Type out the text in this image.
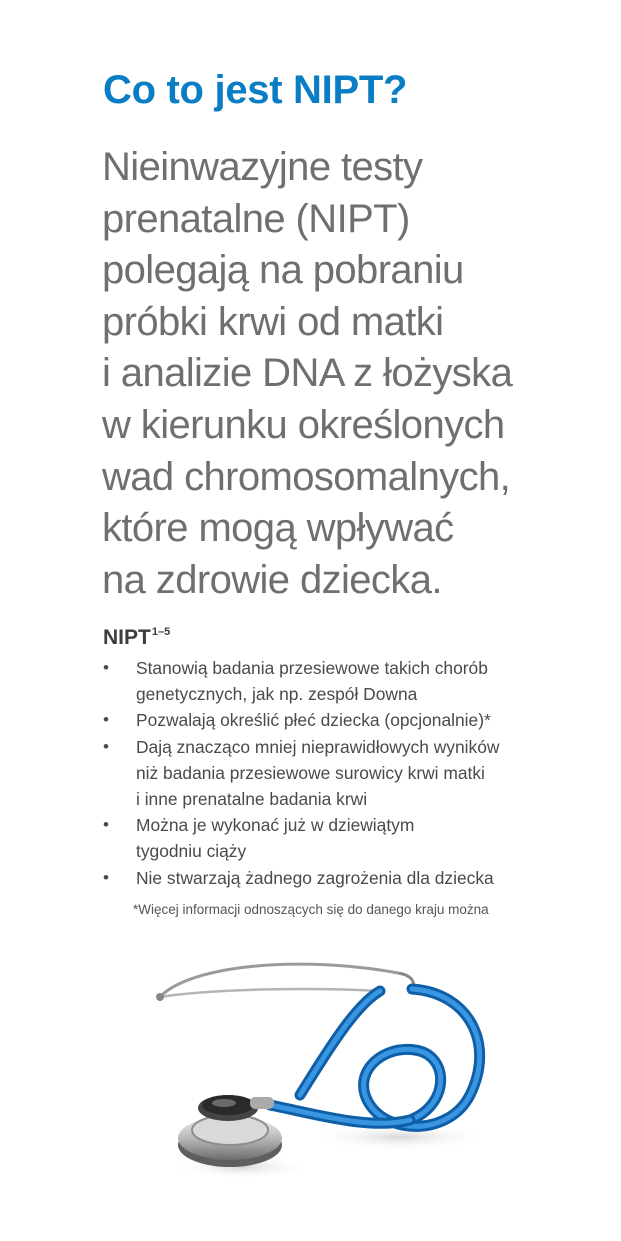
Co to jest NIPT?

Nieinwazyjne testy
prenatalne (NIPT)
polegają na pobraniu
próbki krwi od matki
i analizie DNA z łożyska
w kierunku określonych
wad chromosomalnych,
które mogą wpływać
na zdrowie dziecka.

NIPT$^{1-5}$
• Stanowią badania przesiewowe takich chorób
genetycznych, jak np. zespół Downa
• Pozwalają określić płeć dziecka (opcjonalnie)*
• Dają znacząco mniej nieprawidłowych wyników
niż badania przesiewowe surowicy krwi matki
i inne prenatalne badania krwi
• Można je wykonać już w dziewiątym
tygodniu ciąży
• Nie stwarzają żadnego zagrożenia dla dziecka

*Więcej informacji odnoszących się do danego kraju można
